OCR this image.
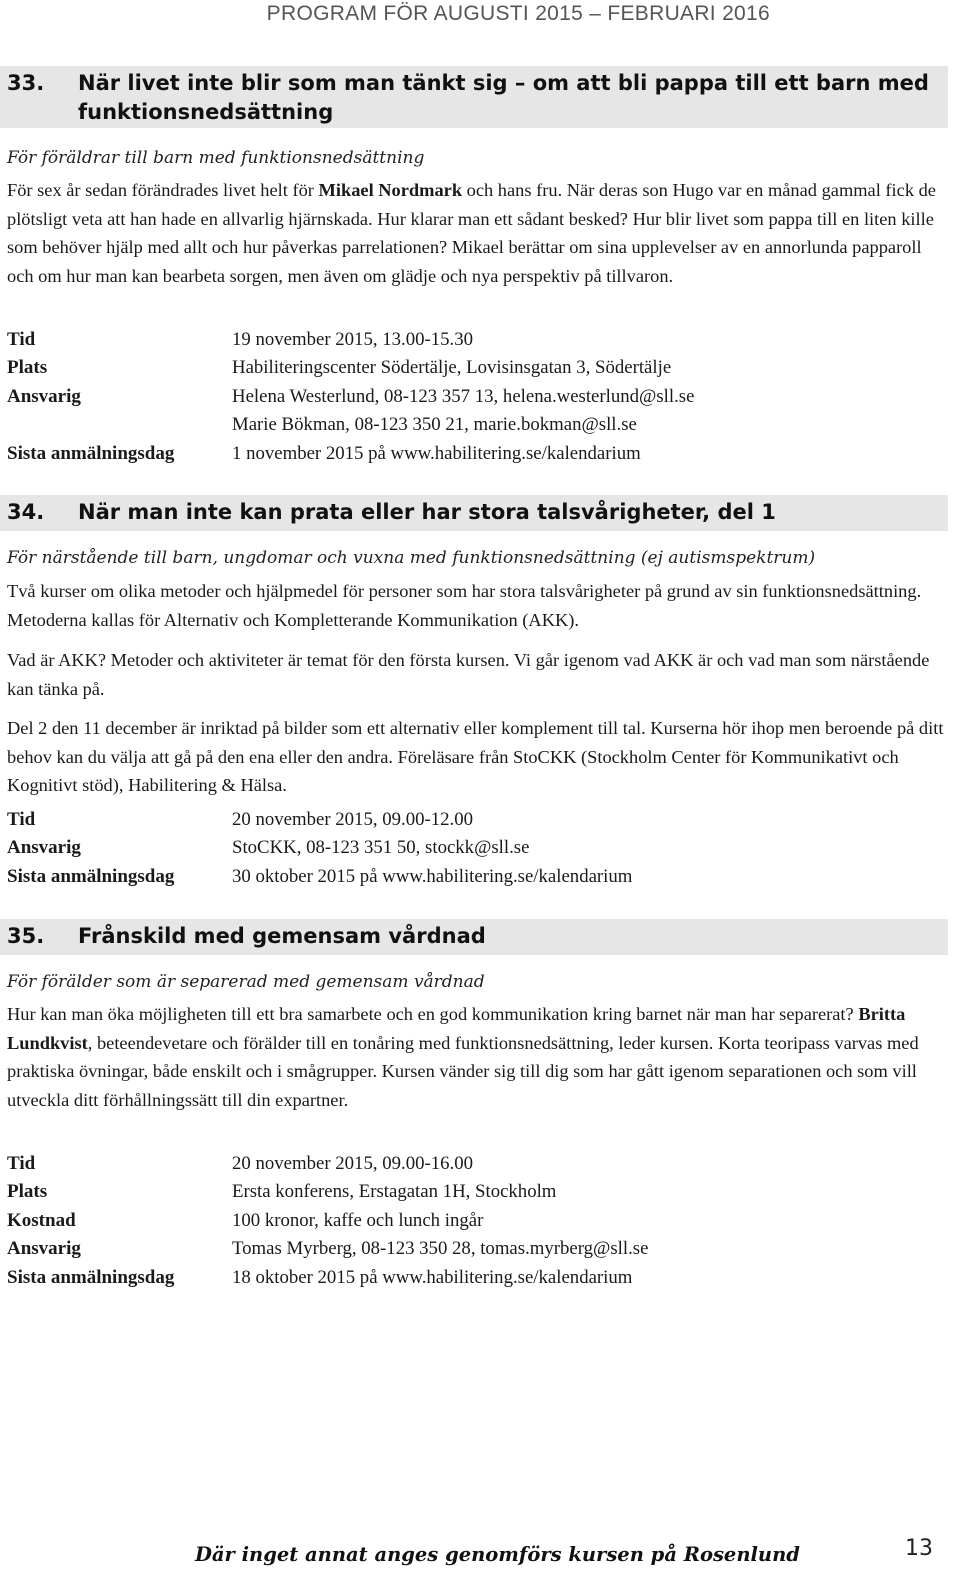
PROGRAM FÖR AUGUSTI 2015 – FEBRUARI 2016
33. När livet inte blir som man tänkt sig – om att bli pappa till ett barn med funktionsnedsättning
För föräldrar till barn med funktionsnedsättning

För sex år sedan förändrades livet helt för Mikael Nordmark och hans fru. När deras son Hugo var en månad gammal fick de plötsligt veta att han hade en allvarlig hjärnskada. Hur klarar man ett sådant besked? Hur blir livet som pappa till en liten kille som behöver hjälp med allt och hur påverkas parrelationen? Mikael berättar om sina upplevelser av en annorlunda papparoll och om hur man kan bearbeta sorgen, men även om glädje och nya perspektiv på tillvaron.

Tid	19 november 2015, 13.00-15.30
Plats	Habiliteringscenter Södertälje, Lovisinsgatan 3, Södertälje
Ansvarig	Helena Westerlund, 08-123 357 13, helena.westerlund@sll.se
Marie Bökman, 08-123 350 21, marie.bokman@sll.se
Sista anmälningsdag	1 november 2015 på www.habilitering.se/kalendarium
34. När man inte kan prata eller har stora talsvårigheter, del 1
För närstående till barn, ungdomar och vuxna med funktionsnedsättning (ej autismspektrum)

Två kurser om olika metoder och hjälpmedel för personer som har stora talsvårigheter på grund av sin funktionsnedsättning. Metoderna kallas för Alternativ och Kompletterande Kommunikation (AKK).

Vad är AKK? Metoder och aktiviteter är temat för den första kursen. Vi går igenom vad AKK är och vad man som närstående kan tänka på.

Del 2 den 11 december är inriktad på bilder som ett alternativ eller komplement till tal. Kurserna hör ihop men beroende på ditt behov kan du välja att gå på den ena eller den andra. Föreläsare från StoCKK (Stockholm Center för Kommunikativt och Kognitivt stöd), Habilitering & Hälsa.

Tid	20 november 2015, 09.00-12.00
Ansvarig	StoCKK, 08-123 351 50, stockk@sll.se
Sista anmälningsdag	30 oktober 2015 på www.habilitering.se/kalendarium
35. Frånskild med gemensam vårdnad
För förälder som är separerad med gemensam vårdnad

Hur kan man öka möjligheten till ett bra samarbete och en god kommunikation kring barnet när man har separerat? Britta Lundkvist, beteendevetare och förälder till en tonåring med funktionsnedsättning, leder kursen. Korta teoripass varvas med praktiska övningar, både enskilt och i smågrupper. Kursen vänder sig till dig som har gått igenom separationen och som vill utveckla ditt förhållningssätt till din expartner.

Tid	20 november 2015, 09.00-16.00
Plats	Ersta konferens, Erstagatan 1H, Stockholm
Kostnad	100 kronor, kaffe och lunch ingår
Ansvarig	Tomas Myrberg, 08-123 350 28, tomas.myrberg@sll.se
Sista anmälningsdag	18 oktober 2015 på www.habilitering.se/kalendarium
Där inget annat anges genomförs kursen på Rosenlund	13
